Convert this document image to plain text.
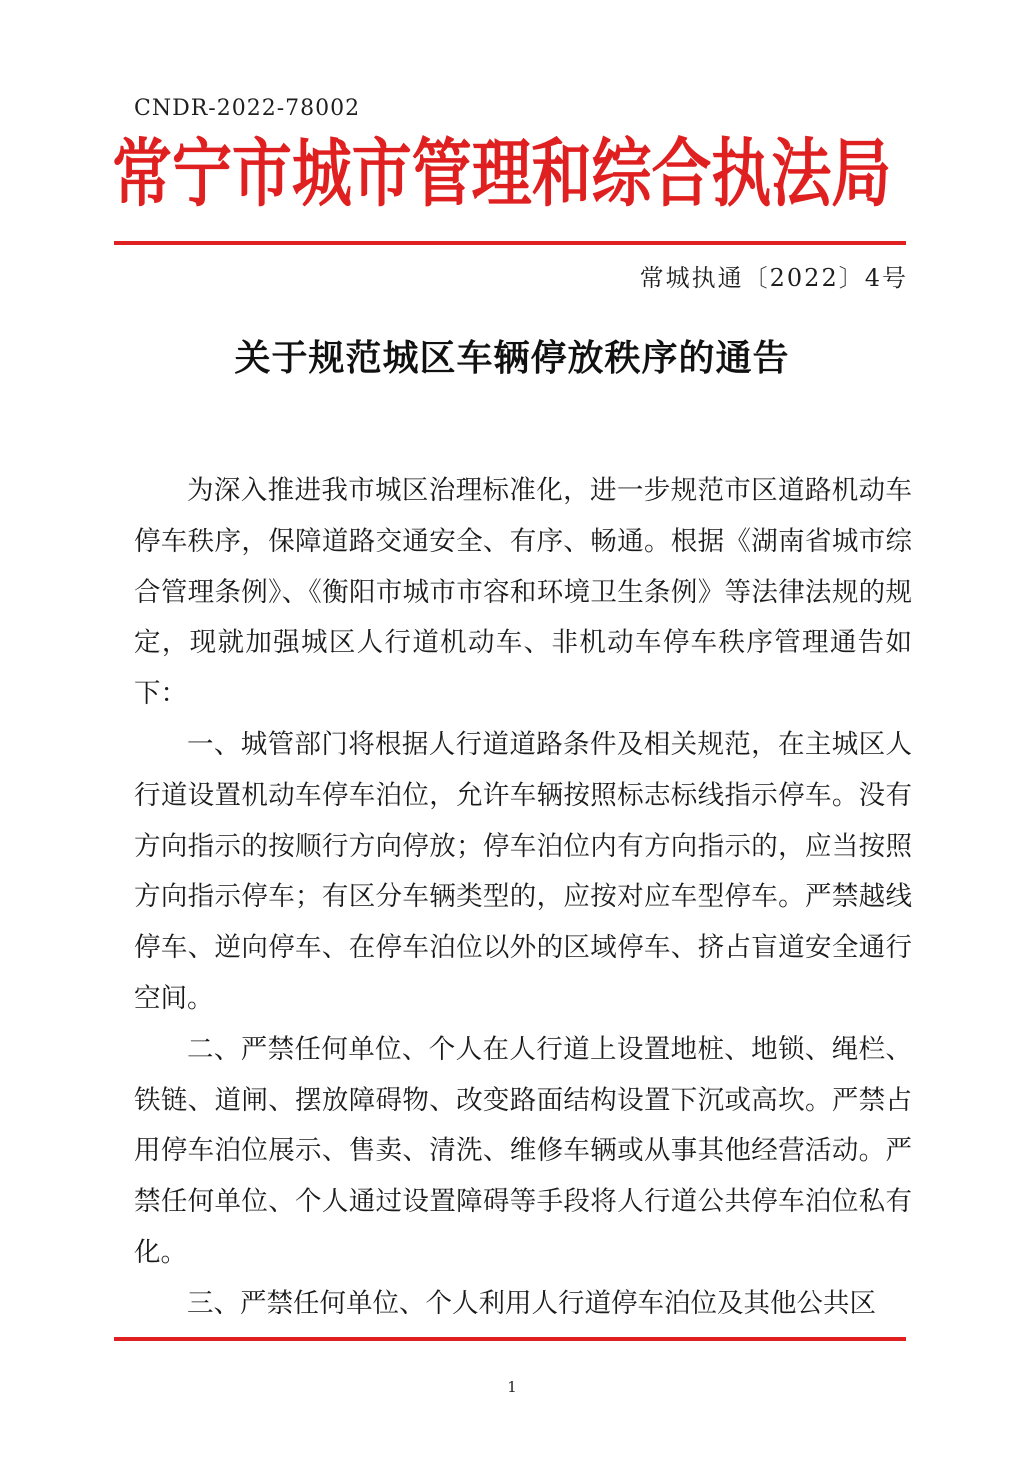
CNDR-2022-78002
常宁市城市管理和综合执法局
常城执通〔2022〕4号
关于规范城区车辆停放秩序的通告

为深入推进我市城区治理标准化，进一步规范市区道路机动车停车秩序，保障道路交通安全、有序、畅通。根据《湖南省城市综合管理条例》、《衡阳市城市市容和环境卫生条例》等法律法规的规定，现就加强城区人行道机动车、非机动车停车秩序管理通告如下：

一、城管部门将根据人行道道路条件及相关规范，在主城区人行道设置机动车停车泊位，允许车辆按照标志标线指示停车。没有方向指示的按顺行方向停放；停车泊位内有方向指示的，应当按照方向指示停车；有区分车辆类型的，应按对应车型停车。严禁越线停车、逆向停车、在停车泊位以外的区域停车、挤占盲道安全通行空间。

二、严禁任何单位、个人在人行道上设置地桩、地锁、绳栏、铁链、道闸、摆放障碍物、改变路面结构设置下沉或高坎。严禁占用停车泊位展示、售卖、清洗、维修车辆或从事其他经营活动。严禁任何单位、个人通过设置障碍等手段将人行道公共停车泊位私有化。

三、严禁任何单位、个人利用人行道停车泊位及其他公共区

1
